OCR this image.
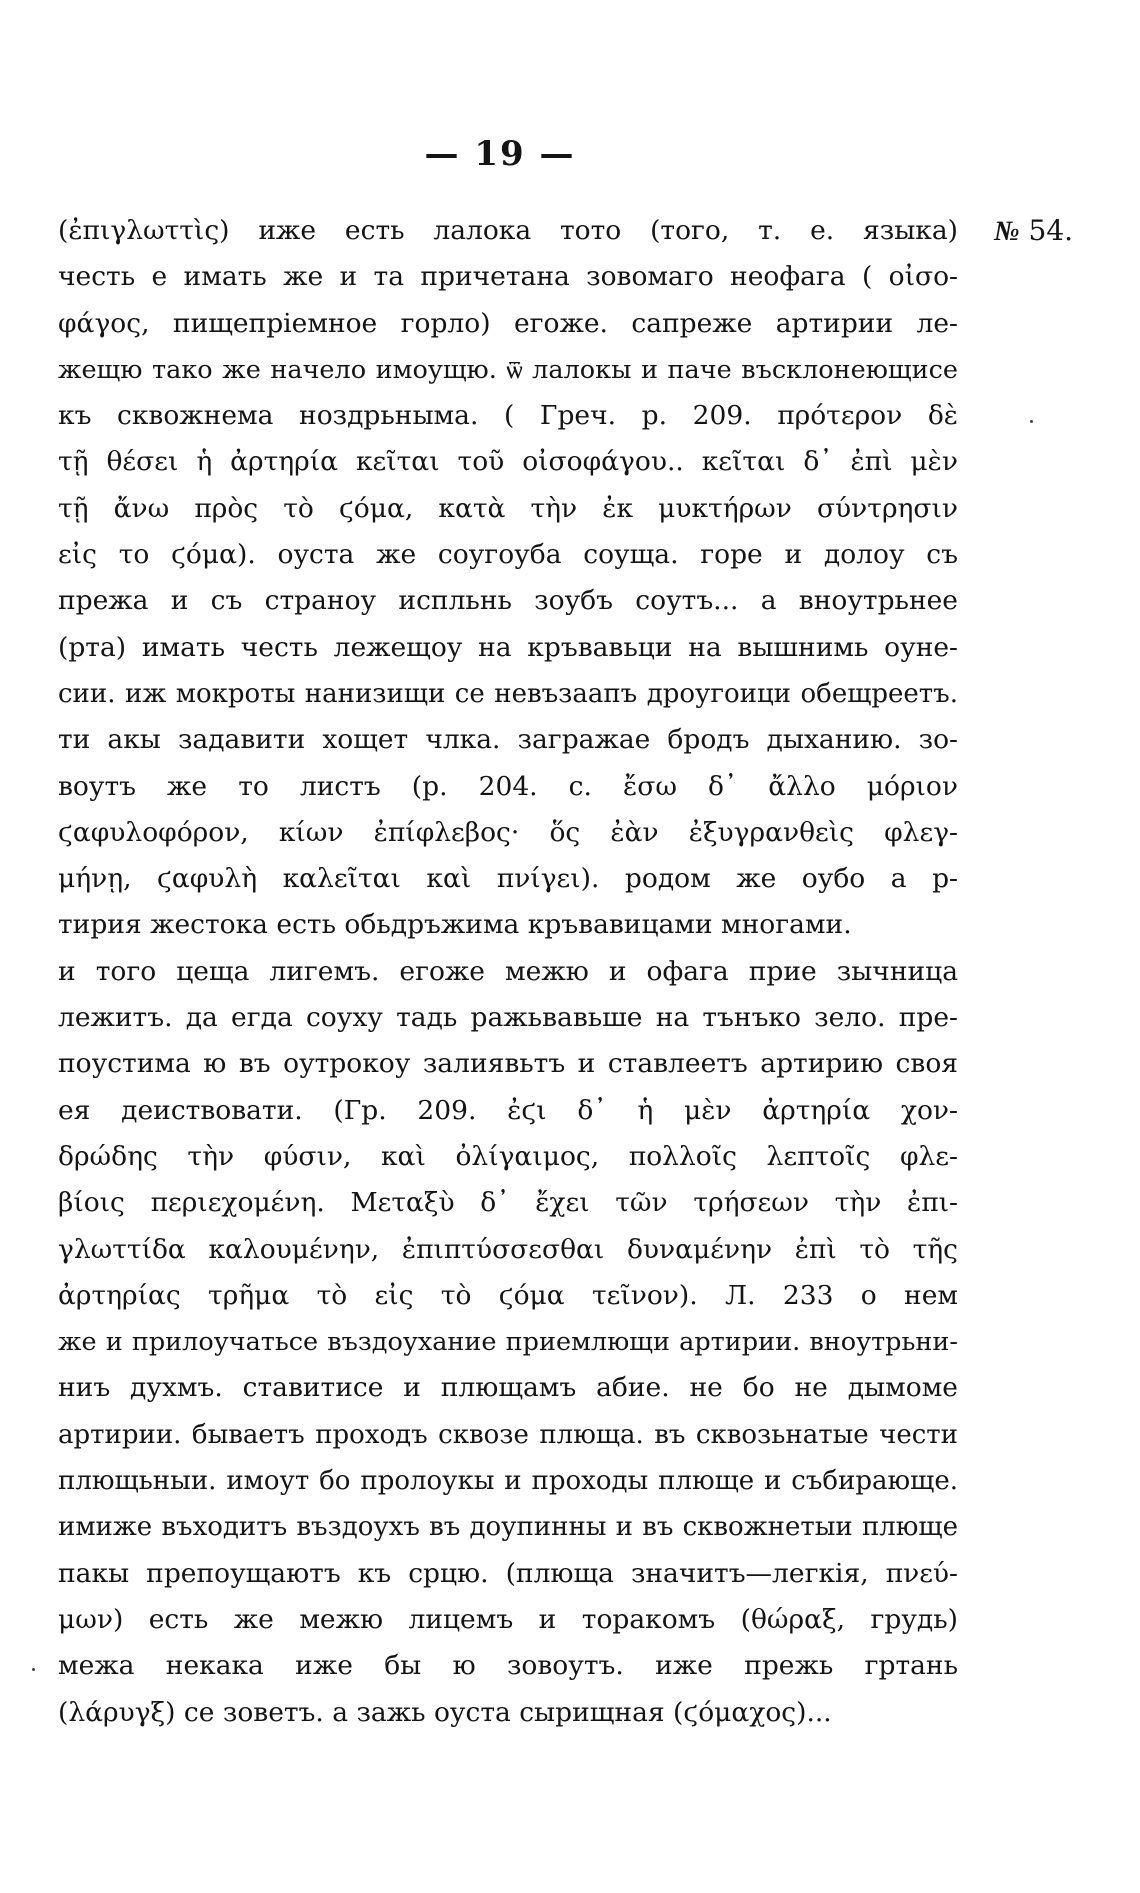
— 19 —
№ 54.
(ἐπιγλωττὶς) иже есть лалока тото (того, т. е. языка)
честь е имать же и та причетана зовомаго неофага ( οἰσο-
φάγος, пищепріемное горло) егоже. сапреже артирии ле-
жещю тако же начело имоущю. ѿ лалокы и паче въсклонеющисе
къ сквожнема ноздрьныма. ( Греч. р. 209. πρότερον δὲ
τῇ θέσει ἡ ἀρτηρία κεῖται τοῦ οἰσοφάγου.. κεῖται δ᾽ ἐπὶ μὲν
τῇ ἄνω πρὸς τὸ ϛόμα, κατὰ τὴν ἐκ μυκτήρων σύντρησιν
εἰς το ϛόμα). оуста же соугоуба соуща. горе и долоу съ
прежа и съ страноу испльнь зоубъ соутъ... а вноутрьнее
(рта) имать честь лежещоу на кръвавьци на вышнимь оуне-
сии. иж мокроты нанизищи се невъзаапъ дроугоици обещреетъ.
ти акы задавити хощет члка. загражае бродъ дыханию. зо-
воутъ же то листъ (р. 204. с. ἔσω δ᾽ ἄλλο μόριον
ϛαφυλοφόρον, κίων ἐπίφλεβος· ὅς ἐὰν ἐξυγρανθεὶς φλεγ-
μήνῃ, ϛαφυλὴ καλεῖται καὶ πνίγει). родом же оубо а р-
тирия жестока есть обьдръжима кръвавицами многами.
и того цеща лигемъ. егоже межю и офагa прие зычница
лежитъ. да егда соуху тадь ражьвавьше на тънъко зело. пре-
поустима ю въ оутрокоу залиявьтъ и ставлеетъ артирию своя
ея деиствовати. (Гр. 209. ἐϛι δ᾽ ἡ μὲν ἀρτηρία χον-
δρώδης τὴν φύσιν, καὶ ὀλίγαιμος, πολλοῖς λεπτοῖς φλε-
βίοις περιεχομένη. Μεταξὺ δ᾽ ἔχει τῶν τρήσεων τὴν ἐπι-
γλωττίδα καλουμένην, ἐπιπτύσσεσθαι δυναμένην ἐπὶ τὸ τῆς
ἀρτηρίας τρῆμα τὸ εἰς τὸ ϛόμα τεῖνον). Л. 233 о нем
же и прилоучатьсе въздоуханиe приемлющи артирии. вноутрьни-
ниъ духмъ. ставитисе и плющамъ абие. не бо не дымоме
артирии. бываетъ проходъ сквозе плюща. въ сквозьнатые чести
плющьныи. имоут бо пролоукы и проходы плюще и събирающе.
имиже въходитъ въздоухъ въ доупинны и въ сквожнетыи плюще
пакы препоущаютъ къ срцю. (плюща значитъ—легкія, πνεύ-
μων) есть же межю лицемъ и торакомъ (θώραξ, грудь)
межа некака иже бы ю зовоутъ. иже прежь гртань
(λάρυγξ) се зоветъ. а зажь оуста сырищная (ϛόμαχος)...
